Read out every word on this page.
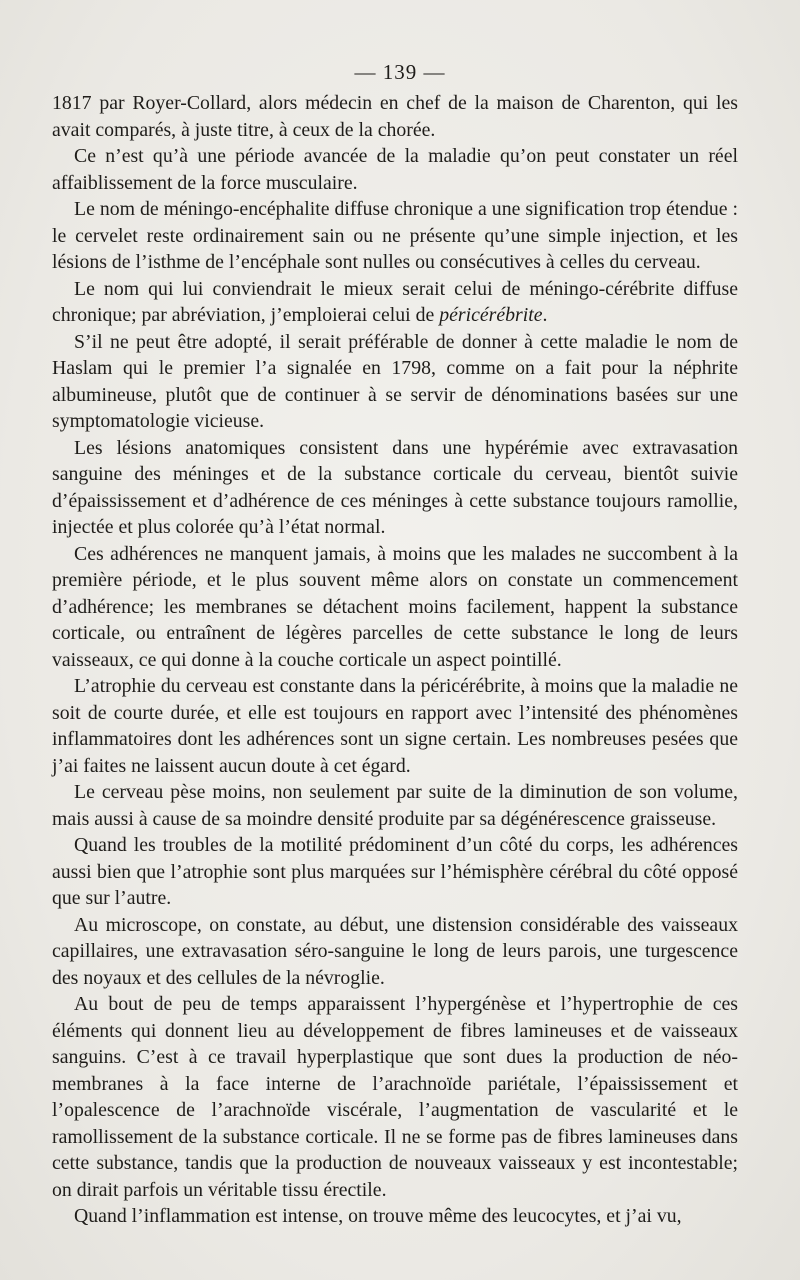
— 139 —

1817 par Royer-Collard, alors médecin en chef de la maison de Charenton, qui les avait comparés, à juste titre, à ceux de la chorée.

Ce n’est qu’à une période avancée de la maladie qu’on peut constater un réel affaiblissement de la force musculaire.

Le nom de méningo-encéphalite diffuse chronique a une signification trop étendue : le cervelet reste ordinairement sain ou ne présente qu’une simple injection, et les lésions de l’isthme de l’encéphale sont nulles ou consécutives à celles du cerveau.

Le nom qui lui conviendrait le mieux serait celui de méningo-cérébrite diffuse chronique; par abréviation, j’emploierai celui de péricérébrite.

S’il ne peut être adopté, il serait préférable de donner à cette maladie le nom de Haslam qui le premier l’a signalée en 1798, comme on a fait pour la néphrite albumineuse, plutôt que de continuer à se servir de dénominations basées sur une symptomatologie vicieuse.

Les lésions anatomiques consistent dans une hypérémie avec extravasation sanguine des méninges et de la substance corticale du cerveau, bientôt suivie d’épaississement et d’adhérence de ces méninges à cette substance toujours ramollie, injectée et plus colorée qu’à l’état normal.

Ces adhérences ne manquent jamais, à moins que les malades ne succombent à la première période, et le plus souvent même alors on constate un commencement d’adhérence; les membranes se détachent moins facilement, happent la substance corticale, ou entraînent de légères parcelles de cette substance le long de leurs vaisseaux, ce qui donne à la couche corticale un aspect pointillé.

L’atrophie du cerveau est constante dans la péricérébrite, à moins que la maladie ne soit de courte durée, et elle est toujours en rapport avec l’intensité des phénomènes inflammatoires dont les adhérences sont un signe certain. Les nombreuses pesées que j’ai faites ne laissent aucun doute à cet égard.

Le cerveau pèse moins, non seulement par suite de la diminution de son volume, mais aussi à cause de sa moindre densité produite par sa dégénérescence graisseuse.

Quand les troubles de la motilité prédominent d’un côté du corps, les adhérences aussi bien que l’atrophie sont plus marquées sur l’hémisphère cérébral du côté opposé que sur l’autre.

Au microscope, on constate, au début, une distension considérable des vaisseaux capillaires, une extravasation séro-sanguine le long de leurs parois, une turgescence des noyaux et des cellules de la névroglie.

Au bout de peu de temps apparaissent l’hypergénèse et l’hypertrophie de ces éléments qui donnent lieu au développement de fibres lamineuses et de vaisseaux sanguins. C’est à ce travail hyperplastique que sont dues la production de néo-membranes à la face interne de l’arachnoïde pariétale, l’épaississement et l’opalescence de l’arachnoïde viscérale, l’augmentation de vascularité et le ramollissement de la substance corticale. Il ne se forme pas de fibres lamineuses dans cette substance, tandis que la production de nouveaux vaisseaux y est incontestable; on dirait parfois un véritable tissu érectile.

Quand l’inflammation est intense, on trouve même des leucocytes, et j’ai vu,
